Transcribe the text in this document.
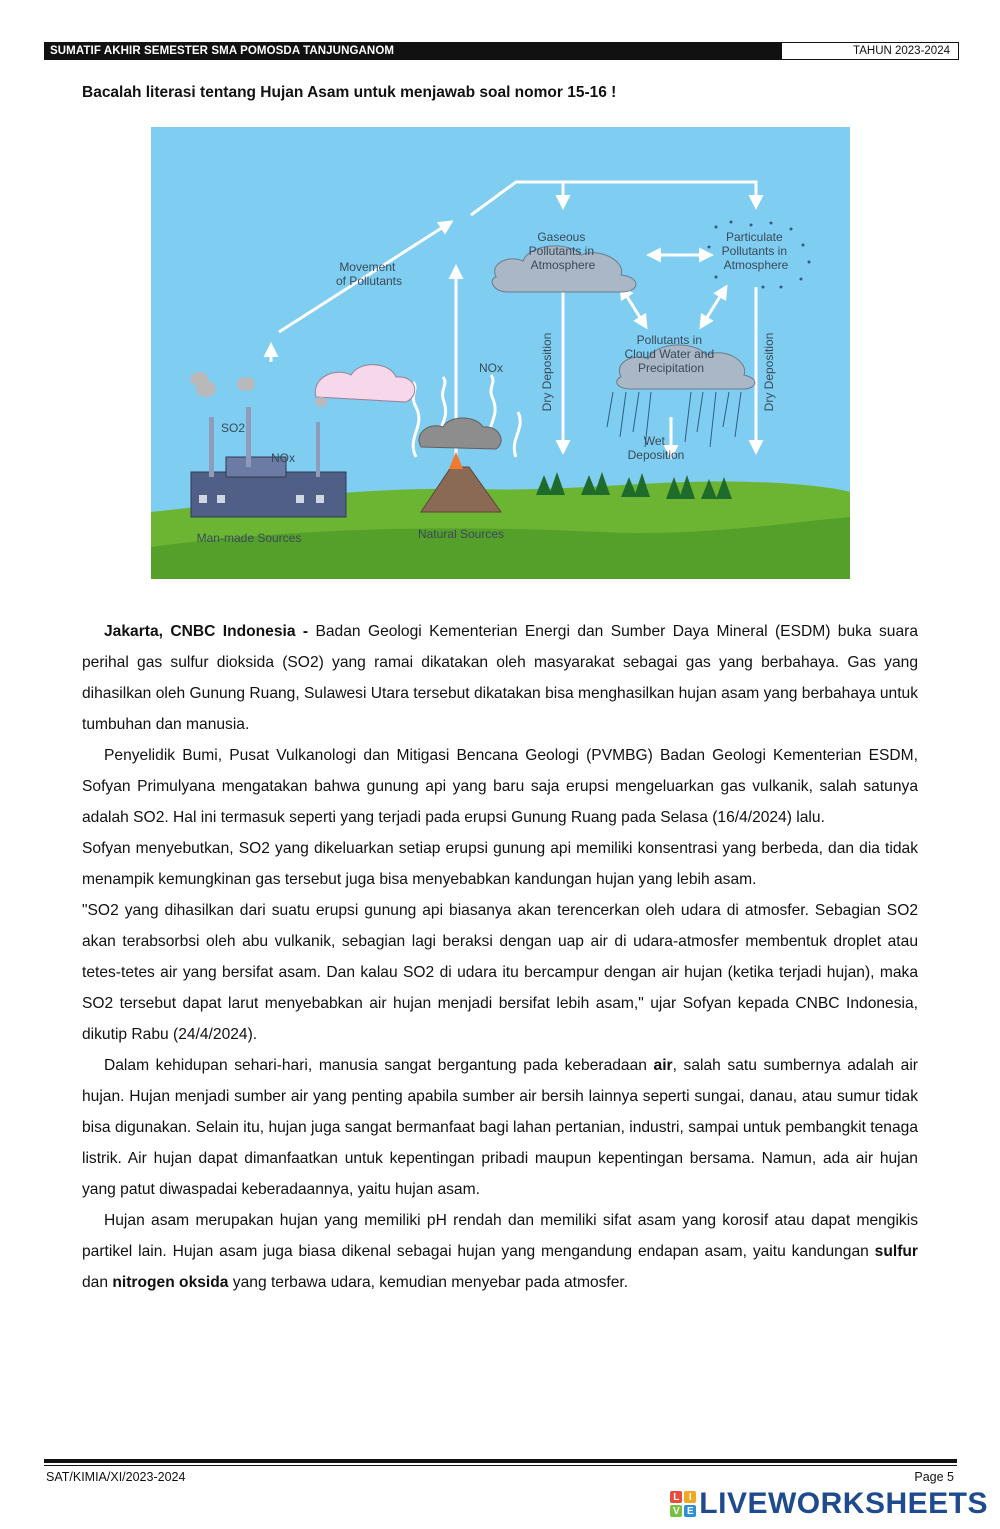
SUMATIF AKHIR SEMESTER SMA POMOSDA TANJUNGANOM	TAHUN 2023-2024
Bacalah literasi tentang Hujan Asam untuk menjawab soal nomor 15-16 !
Movement of Pollutants
Gaseous Pollutants in Atmosphere
Particulate Pollutants in Atmosphere
Pollutants in Cloud Water and Precipitation
Wet Deposition
Dry Deposition	Dry Deposition
NOx
SO2
NOx
Man-made Sources	Natural Sources

Jakarta, CNBC Indonesia - Badan Geologi Kementerian Energi dan Sumber Daya Mineral (ESDM) buka suara perihal gas sulfur dioksida (SO2) yang ramai dikatakan oleh masyarakat sebagai gas yang berbahaya. Gas yang dihasilkan oleh Gunung Ruang, Sulawesi Utara tersebut dikatakan bisa menghasilkan hujan asam yang berbahaya untuk tumbuhan dan manusia.

Penyelidik Bumi, Pusat Vulkanologi dan Mitigasi Bencana Geologi (PVMBG) Badan Geologi Kementerian ESDM, Sofyan Primulyana mengatakan bahwa gunung api yang baru saja erupsi mengeluarkan gas vulkanik, salah satunya adalah SO2. Hal ini termasuk seperti yang terjadi pada erupsi Gunung Ruang pada Selasa (16/4/2024) lalu.

Sofyan menyebutkan, SO2 yang dikeluarkan setiap erupsi gunung api memiliki konsentrasi yang berbeda, dan dia tidak menampik kemungkinan gas tersebut juga bisa menyebabkan kandungan hujan yang lebih asam.

"SO2 yang dihasilkan dari suatu erupsi gunung api biasanya akan terencerkan oleh udara di atmosfer. Sebagian SO2 akan terabsorbsi oleh abu vulkanik, sebagian lagi beraksi dengan uap air di udara-atmosfer membentuk droplet atau tetes-tetes air yang bersifat asam. Dan kalau SO2 di udara itu bercampur dengan air hujan (ketika terjadi hujan), maka SO2 tersebut dapat larut menyebabkan air hujan menjadi bersifat lebih asam," ujar Sofyan kepada CNBC Indonesia, dikutip Rabu (24/4/2024).

Dalam kehidupan sehari-hari, manusia sangat bergantung pada keberadaan air, salah satu sumbernya adalah air hujan. Hujan menjadi sumber air yang penting apabila sumber air bersih lainnya seperti sungai, danau, atau sumur tidak bisa digunakan. Selain itu, hujan juga sangat bermanfaat bagi lahan pertanian, industri, sampai untuk pembangkit tenaga listrik. Air hujan dapat dimanfaatkan untuk kepentingan pribadi maupun kepentingan bersama. Namun, ada air hujan yang patut diwaspadai keberadaannya, yaitu hujan asam.

Hujan asam merupakan hujan yang memiliki pH rendah dan memiliki sifat asam yang korosif atau dapat mengikis partikel lain. Hujan asam juga biasa dikenal sebagai hujan yang mengandung endapan asam, yaitu kandungan sulfur dan nitrogen oksida yang terbawa udara, kemudian menyebar pada atmosfer.

SAT/KIMIA/XI/2023-2024	Page 5
L I
V E LIVEWORKSHEETS
